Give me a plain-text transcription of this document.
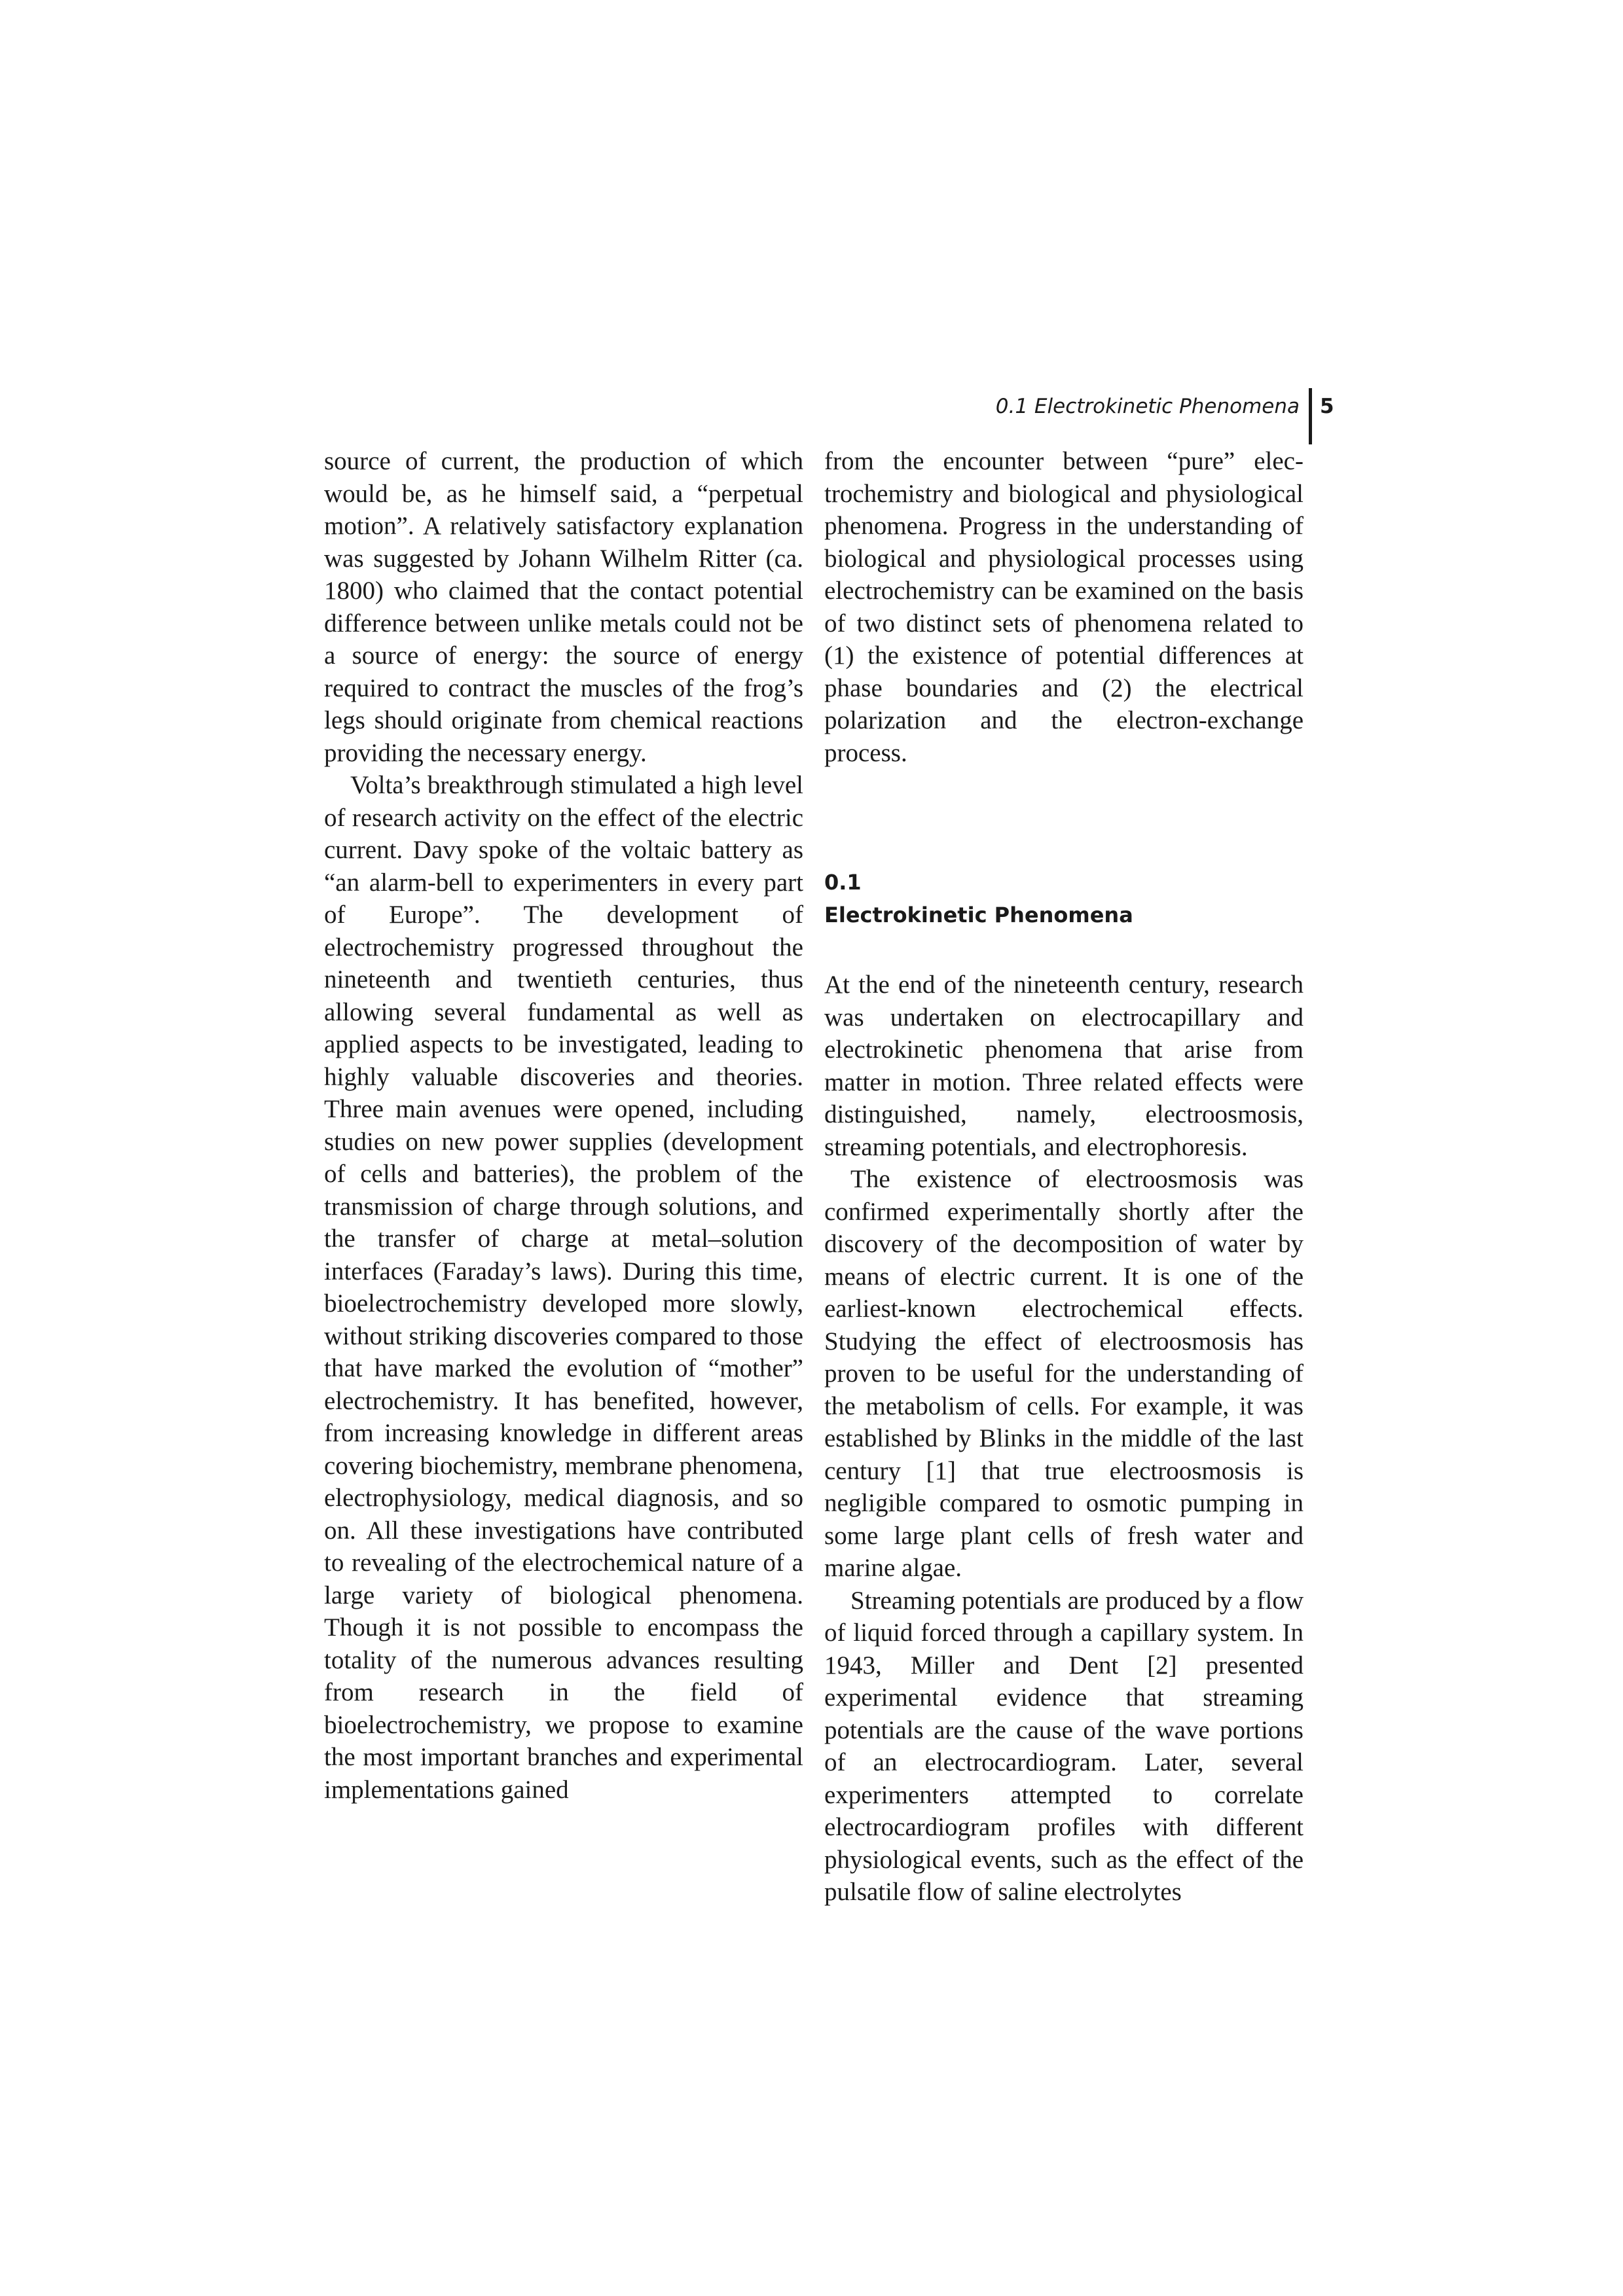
0.1 Electrokinetic Phenomena 5

source of current, the production of which would be, as he himself said, a “perpetual motion”. A relatively satisfactory explanation was suggested by Johann Wilhelm Ritter (ca. 1800) who claimed that the contact potential difference between unlike metals could not be a source of energy: the source of energy required to contract the muscles of the frog’s legs should originate from chemical reactions providing the necessary energy.

Volta’s breakthrough stimulated a high level of research activity on the effect of the electric current. Davy spoke of the voltaic battery as “an alarm-bell to experimenters in every part of Europe”. The development of electrochemistry progressed throughout the nineteenth and twentieth centuries, thus allowing several fundamental as well as applied aspects to be investigated, leading to highly valuable discoveries and theories. Three main avenues were opened, including studies on new power supplies (development of cells and batteries), the problem of the transmission of charge through solutions, and the transfer of charge at metal–solution interfaces (Faraday’s laws). During this time, bioelectrochemistry developed more slowly, without striking discoveries compared to those that have marked the evolution of “mother” electrochemistry. It has benefited, however, from increasing knowledge in different areas covering biochemistry, membrane phenomena, electrophysiology, medical diagnosis, and so on. All these investigations have contributed to revealing of the electrochemical nature of a large variety of biological phenomena. Though it is not possible to encompass the totality of the numerous advances resulting from research in the field of bioelectrochemistry, we propose to examine the most important branches and experimental implementations gained

from the encounter between “pure” electrochemistry and biological and physiological phenomena. Progress in the understanding of biological and physiological processes using electrochemistry can be examined on the basis of two distinct sets of phenomena related to (1) the existence of potential differences at phase boundaries and (2) the electrical polarization and the electron-exchange process.

0.1
Electrokinetic Phenomena

At the end of the nineteenth century, research was undertaken on electrocapillary and electrokinetic phenomena that arise from matter in motion. Three related effects were distinguished, namely, electroosmosis, streaming potentials, and electrophoresis.

The existence of electroosmosis was confirmed experimentally shortly after the discovery of the decomposition of water by means of electric current. It is one of the earliest-known electrochemical effects. Studying the effect of electroosmosis has proven to be useful for the understanding of the metabolism of cells. For example, it was established by Blinks in the middle of the last century [1] that true electroosmosis is negligible compared to osmotic pumping in some large plant cells of fresh water and marine algae.

Streaming potentials are produced by a flow of liquid forced through a capillary system. In 1943, Miller and Dent [2] presented experimental evidence that streaming potentials are the cause of the wave portions of an electrocardiogram. Later, several experimenters attempted to correlate electrocardiogram profiles with different physiological events, such as the effect of the pulsatile flow of saline electrolytes
